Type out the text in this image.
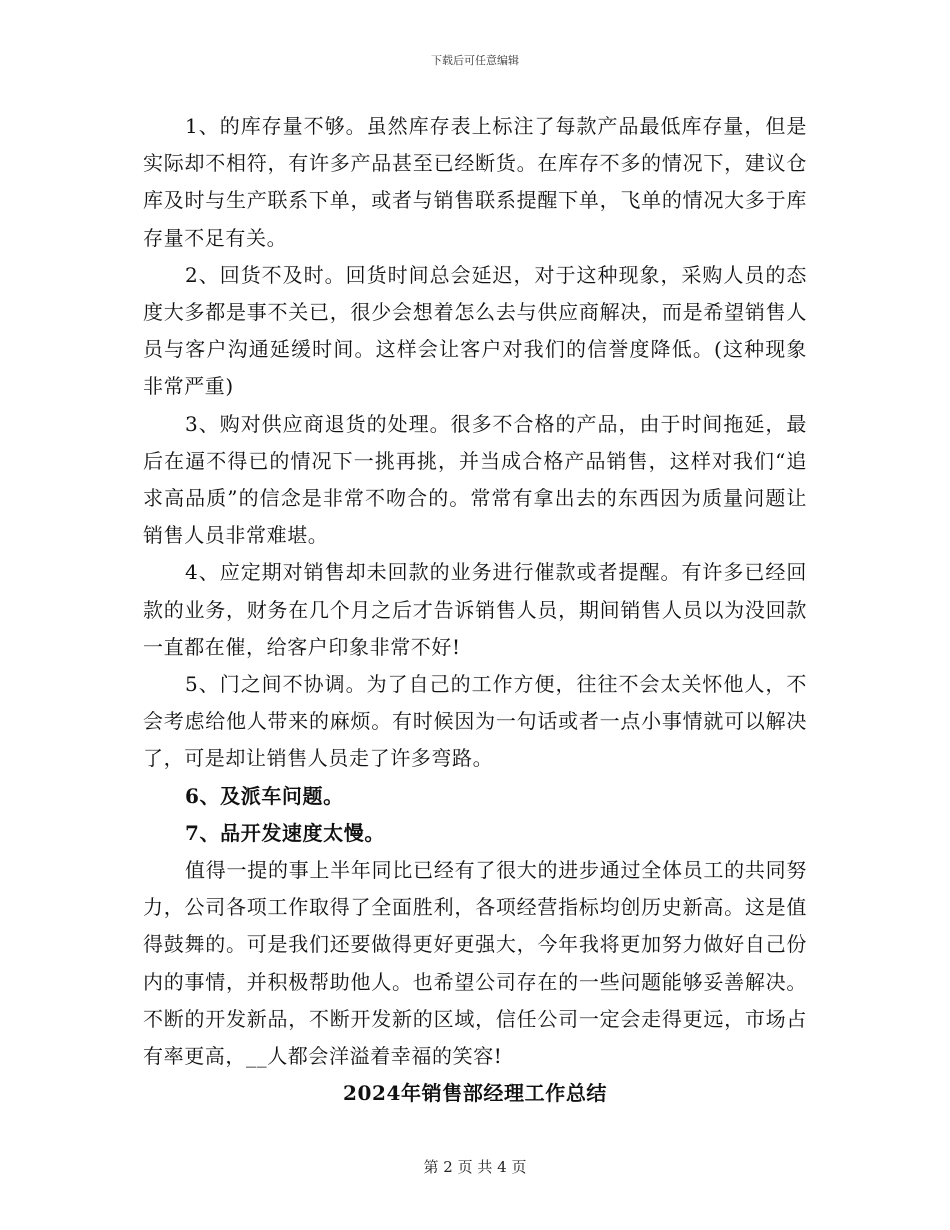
下载后可任意编辑

1、的库存量不够。虽然库存表上标注了每款产品最低库存量，但是实际却不相符，有许多产品甚至已经断货。在库存不多的情况下，建议仓库及时与生产联系下单，或者与销售联系提醒下单，飞单的情况大多于库存量不足有关。

2、回货不及时。回货时间总会延迟，对于这种现象，采购人员的态度大多都是事不关已，很少会想着怎么去与供应商解决，而是希望销售人员与客户沟通延缓时间。这样会让客户对我们的信誉度降低。(这种现象非常严重)

3、购对供应商退货的处理。很多不合格的产品，由于时间拖延，最后在逼不得已的情况下一挑再挑，并当成合格产品销售，这样对我们“追求高品质”的信念是非常不吻合的。常常有拿出去的东西因为质量问题让销售人员非常难堪。

4、应定期对销售却未回款的业务进行催款或者提醒。有许多已经回款的业务，财务在几个月之后才告诉销售人员，期间销售人员以为没回款一直都在催，给客户印象非常不好!

5、门之间不协调。为了自己的工作方便，往往不会太关怀他人，不会考虑给他人带来的麻烦。有时候因为一句话或者一点小事情就可以解决了，可是却让销售人员走了许多弯路。

6、及派车问题。

7、品开发速度太慢。

值得一提的事上半年同比已经有了很大的进步通过全体员工的共同努力，公司各项工作取得了全面胜利，各项经营指标均创历史新高。这是值得鼓舞的。可是我们还要做得更好更强大，今年我将更加努力做好自己份内的事情，并积极帮助他人。也希望公司存在的一些问题能够妥善解决。不断的开发新品，不断开发新的区域，信任公司一定会走得更远，市场占有率更高，__人都会洋溢着幸福的笑容!

2024年销售部经理工作总结

第 2 页 共 4 页
